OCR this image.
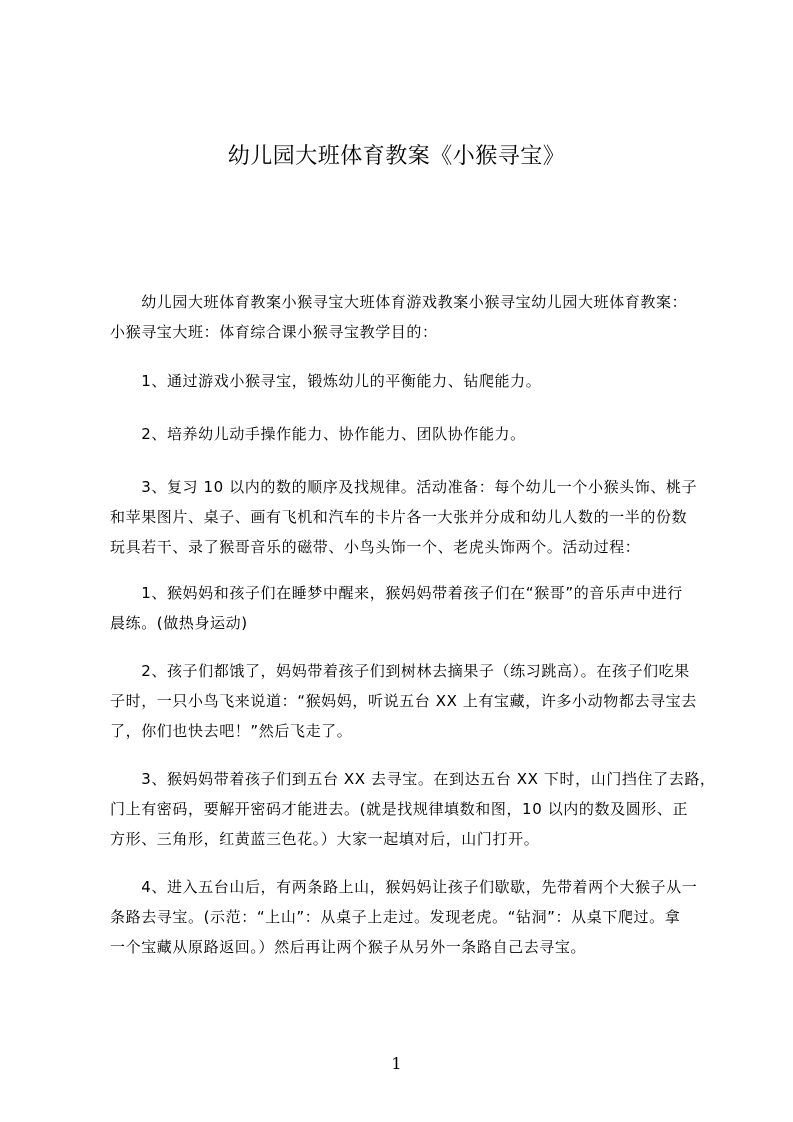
幼儿园大班体育教案《小猴寻宝》
　　幼儿园大班体育教案小猴寻宝大班体育游戏教案小猴寻宝幼儿园大班体育教案：
小猴寻宝大班：体育综合课小猴寻宝教学目的：
　　1、通过游戏小猴寻宝，锻炼幼儿的平衡能力、钻爬能力。
　　2、培养幼儿动手操作能力、协作能力、团队协作能力。
　　3、复习 10 以内的数的顺序及找规律。活动准备：每个幼儿一个小猴头饰、桃子
和苹果图片、桌子、画有飞机和汽车的卡片各一大张并分成和幼儿人数的一半的份数
玩具若干、录了猴哥音乐的磁带、小鸟头饰一个、老虎头饰两个。活动过程：
　　1、猴妈妈和孩子们在睡梦中醒来，猴妈妈带着孩子们在“猴哥”的音乐声中进行
晨练。(做热身运动)
　　2、孩子们都饿了，妈妈带着孩子们到树林去摘果子（练习跳高）。在孩子们吃果
子时，一只小鸟飞来说道：“猴妈妈，听说五台 XX 上有宝藏，许多小动物都去寻宝去
了，你们也快去吧！”然后飞走了。
　　3、猴妈妈带着孩子们到五台 XX 去寻宝。在到达五台 XX 下时，山门挡住了去路，
门上有密码，要解开密码才能进去。(就是找规律填数和图，10 以内的数及圆形、正
方形、三角形，红黄蓝三色花。）大家一起填对后，山门打开。
　　4、进入五台山后，有两条路上山，猴妈妈让孩子们歇歇，先带着两个大猴子从一
条路去寻宝。(示范：“上山”：从桌子上走过。发现老虎。“钻洞”：从桌下爬过。拿
一个宝藏从原路返回。）然后再让两个猴子从另外一条路自己去寻宝。
1
